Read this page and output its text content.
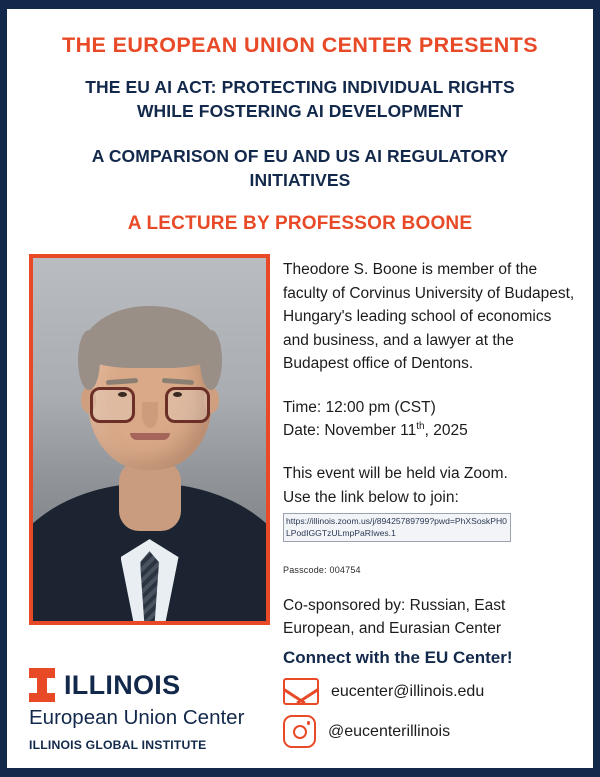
THE EUROPEAN UNION CENTER PRESENTS
THE EU AI ACT: PROTECTING INDIVIDUAL RIGHTS
WHILE FOSTERING AI DEVELOPMENT
A COMPARISON OF EU AND US AI REGULATORY
INITIATIVES
A LECTURE BY PROFESSOR BOONE

Theodore S. Boone is member of the faculty of Corvinus University of Budapest, Hungary's leading school of economics and business, and a lawyer at the Budapest office of Dentons.

Time: 12:00 pm (CST)
Date: November 11th, 2025
This event will be held via Zoom.
Use the link below to join:
https://illinois.zoom.us/j/89425789799?pwd=PhXSoskPH0LPodIGGTzULmpPaRIwes.1
Passcode: 004754
Co-sponsored by: Russian, East
European, and Eurasian Center
Connect with the EU Center!
eucenter@illinois.edu
@eucenterillinois
ILLINOIS
European Union Center
ILLINOIS GLOBAL INSTITUTE
